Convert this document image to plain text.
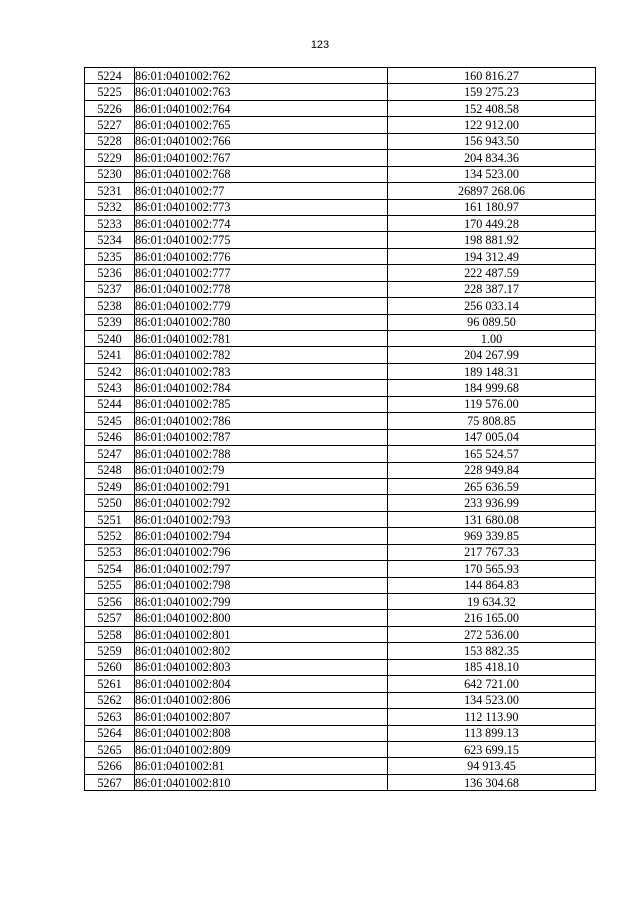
123
5224	86:01:0401002:762	160 816.27
5225	86:01:0401002:763	159 275.23
5226	86:01:0401002:764	152 408.58
5227	86:01:0401002:765	122 912.00
5228	86:01:0401002:766	156 943.50
5229	86:01:0401002:767	204 834.36
5230	86:01:0401002:768	134 523.00
5231	86:01:0401002:77	26897 268.06
5232	86:01:0401002:773	161 180.97
5233	86:01:0401002:774	170 449.28
5234	86:01:0401002:775	198 881.92
5235	86:01:0401002:776	194 312.49
5236	86:01:0401002:777	222 487.59
5237	86:01:0401002:778	228 387.17
5238	86:01:0401002:779	256 033.14
5239	86:01:0401002:780	96 089.50
5240	86:01:0401002:781	1.00
5241	86:01:0401002:782	204 267.99
5242	86:01:0401002:783	189 148.31
5243	86:01:0401002:784	184 999.68
5244	86:01:0401002:785	119 576.00
5245	86:01:0401002:786	75 808.85
5246	86:01:0401002:787	147 005.04
5247	86:01:0401002:788	165 524.57
5248	86:01:0401002:79	228 949.84
5249	86:01:0401002:791	265 636.59
5250	86:01:0401002:792	233 936.99
5251	86:01:0401002:793	131 680.08
5252	86:01:0401002:794	969 339.85
5253	86:01:0401002:796	217 767.33
5254	86:01:0401002:797	170 565.93
5255	86:01:0401002:798	144 864.83
5256	86:01:0401002:799	19 634.32
5257	86:01:0401002:800	216 165.00
5258	86:01:0401002:801	272 536.00
5259	86:01:0401002:802	153 882.35
5260	86:01:0401002:803	185 418.10
5261	86:01:0401002:804	642 721.00
5262	86:01:0401002:806	134 523.00
5263	86:01:0401002:807	112 113.90
5264	86:01:0401002:808	113 899.13
5265	86:01:0401002:809	623 699.15
5266	86:01:0401002:81	94 913.45
5267	86:01:0401002:810	136 304.68
